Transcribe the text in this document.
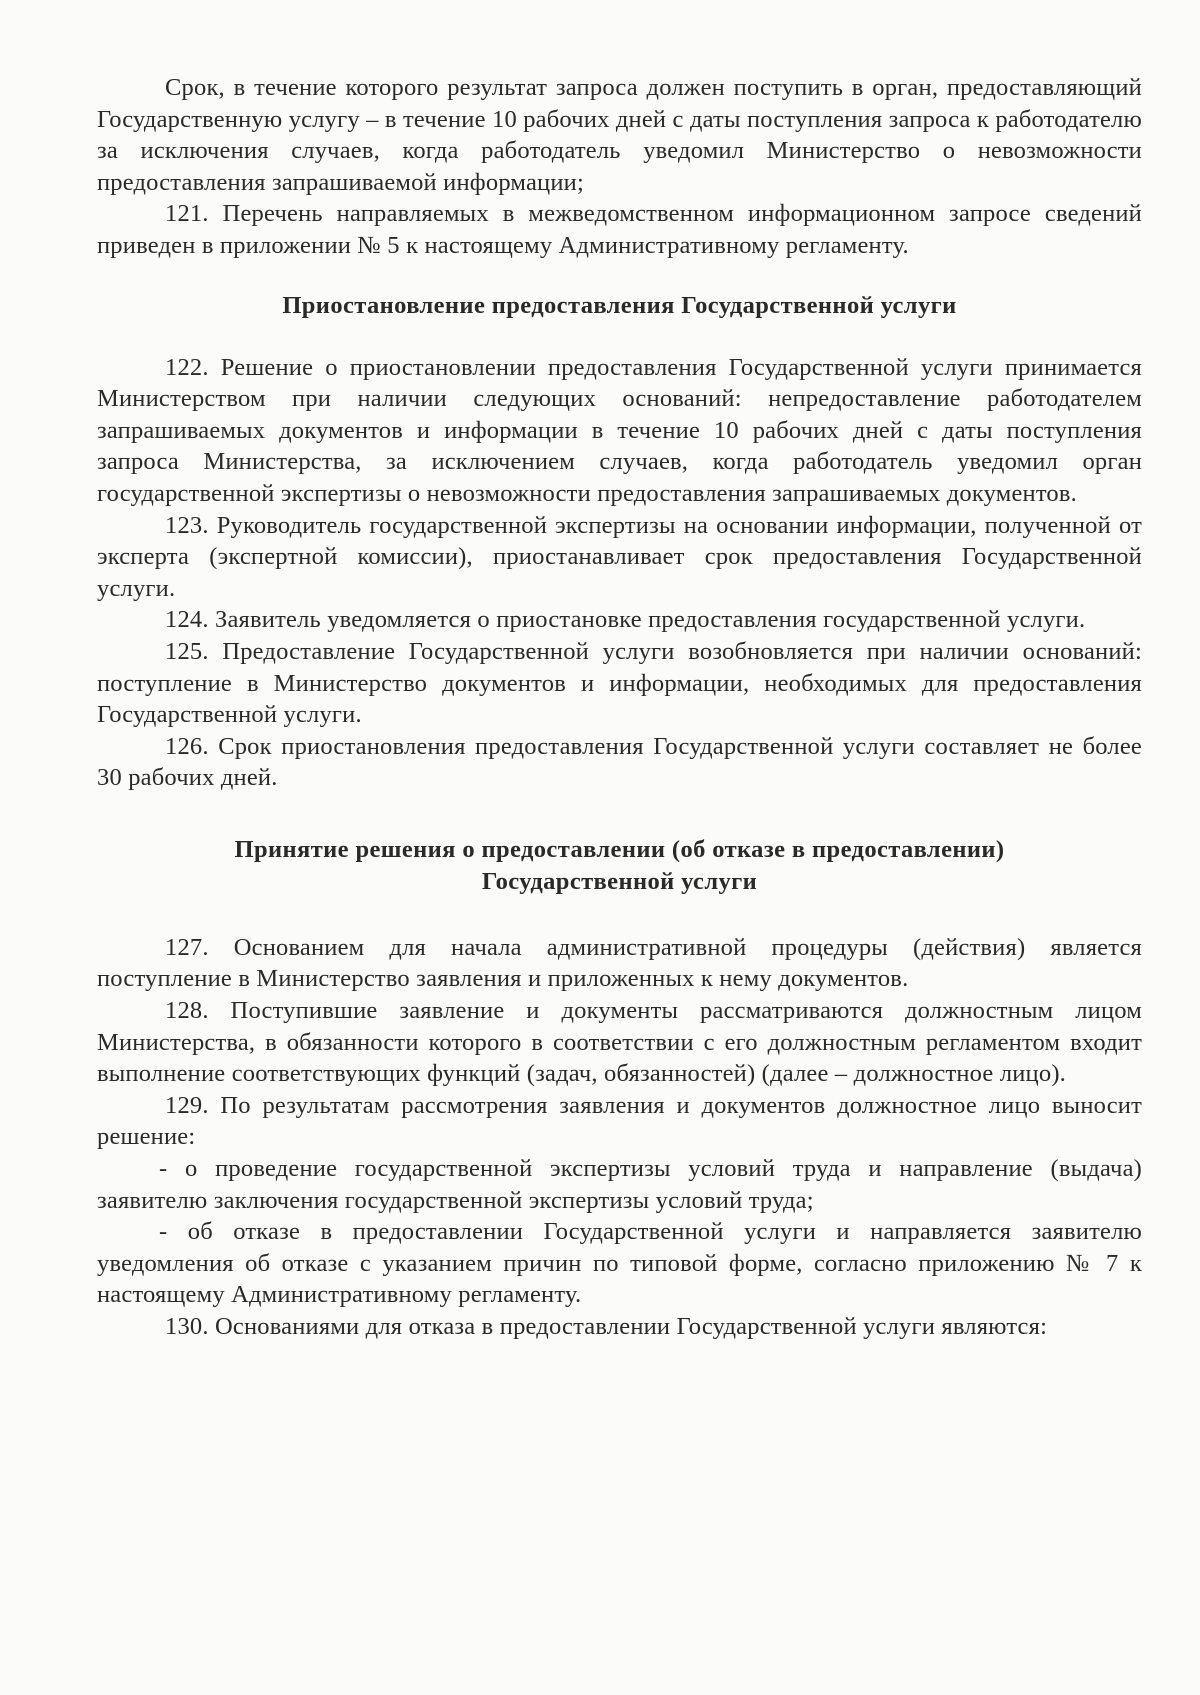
Срок, в течение которого результат запроса должен поступить в орган, предоставляющий Государственную услугу – в течение 10 рабочих дней с даты поступления запроса к работодателю за исключения случаев, когда работодатель уведомил Министерство о невозможности предоставления запрашиваемой информации;

121. Перечень направляемых в межведомственном информационном запросе сведений приведен в приложении № 5 к настоящему Административному регламенту.

Приостановление предоставления Государственной услуги

122. Решение о приостановлении предоставления Государственной услуги принимается Министерством при наличии следующих оснований: непредоставление работодателем запрашиваемых документов и информации в течение 10 рабочих дней с даты поступления запроса Министерства, за исключением случаев, когда работодатель уведомил орган государственной экспертизы о невозможности предоставления запрашиваемых документов.

123. Руководитель государственной экспертизы на основании информации, полученной от эксперта (экспертной комиссии), приостанавливает срок предоставления Государственной услуги.

124. Заявитель уведомляется о приостановке предоставления государственной услуги.

125. Предоставление Государственной услуги возобновляется при наличии оснований: поступление в Министерство документов и информации, необходимых для предоставления Государственной услуги.

126. Срок приостановления предоставления Государственной услуги составляет не более 30 рабочих дней.

Принятие решения о предоставлении (об отказе в предоставлении)

Государственной услуги

127. Основанием для начала административной процедуры (действия) является поступление в Министерство заявления и приложенных к нему документов.

128. Поступившие заявление и документы рассматриваются должностным лицом Министерства, в обязанности которого в соответствии с его должностным регламентом входит выполнение соответствующих функций (задач, обязанностей) (далее – должностное лицо).

129. По результатам рассмотрения заявления и документов должностное лицо выносит решение:

- о проведение государственной экспертизы условий труда и направление (выдача) заявителю заключения государственной экспертизы условий труда;

- об отказе в предоставлении Государственной услуги и направляется заявителю уведомления об отказе с указанием причин по типовой форме, согласно приложению № 7 к настоящему Административному регламенту.

130. Основаниями для отказа в предоставлении Государственной услуги являются:
